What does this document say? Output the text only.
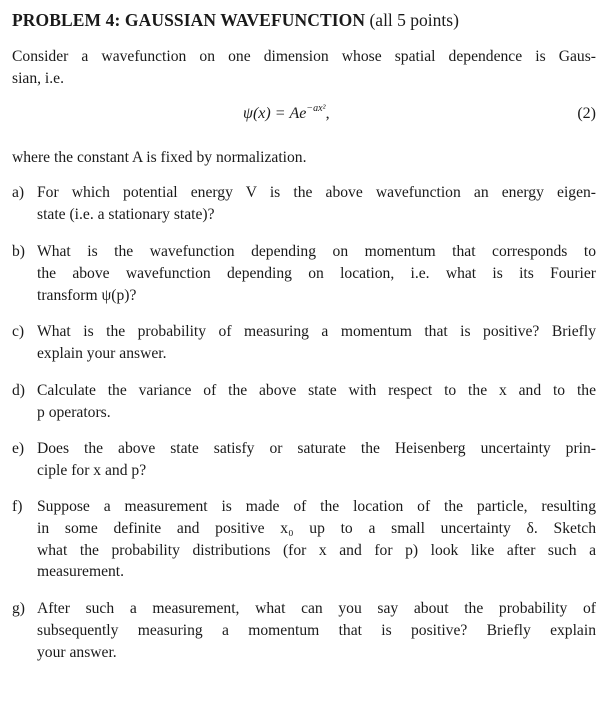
PROBLEM 4: GAUSSIAN WAVEFUNCTION (all 5 points)
Consider a wavefunction on one dimension whose spatial dependence is Gaus-
sian, i.e.
$\psi(x) = Ae^{-ax^2}$,	(2)
where the constant A is fixed by normalization.
a) For which potential energy V is the above wavefunction an energy eigen-
state (i.e. a stationary state)?
b) What is the wavefunction depending on momentum that corresponds to
the above wavefunction depending on location, i.e. what is its Fourier
transform ψ(p)?
c) What is the probability of measuring a momentum that is positive? Briefly
explain your answer.
d) Calculate the variance of the above state with respect to the x and to the
p operators.
e) Does the above state satisfy or saturate the Heisenberg uncertainty prin-
ciple for x and p?
f) Suppose a measurement is made of the location of the particle, resulting
in some definite and positive x₀ up to a small uncertainty δ. Sketch
what the probability distributions (for x and for p) look like after such a
measurement.
g) After such a measurement, what can you say about the probability of
subsequently measuring a momentum that is positive? Briefly explain
your answer.
